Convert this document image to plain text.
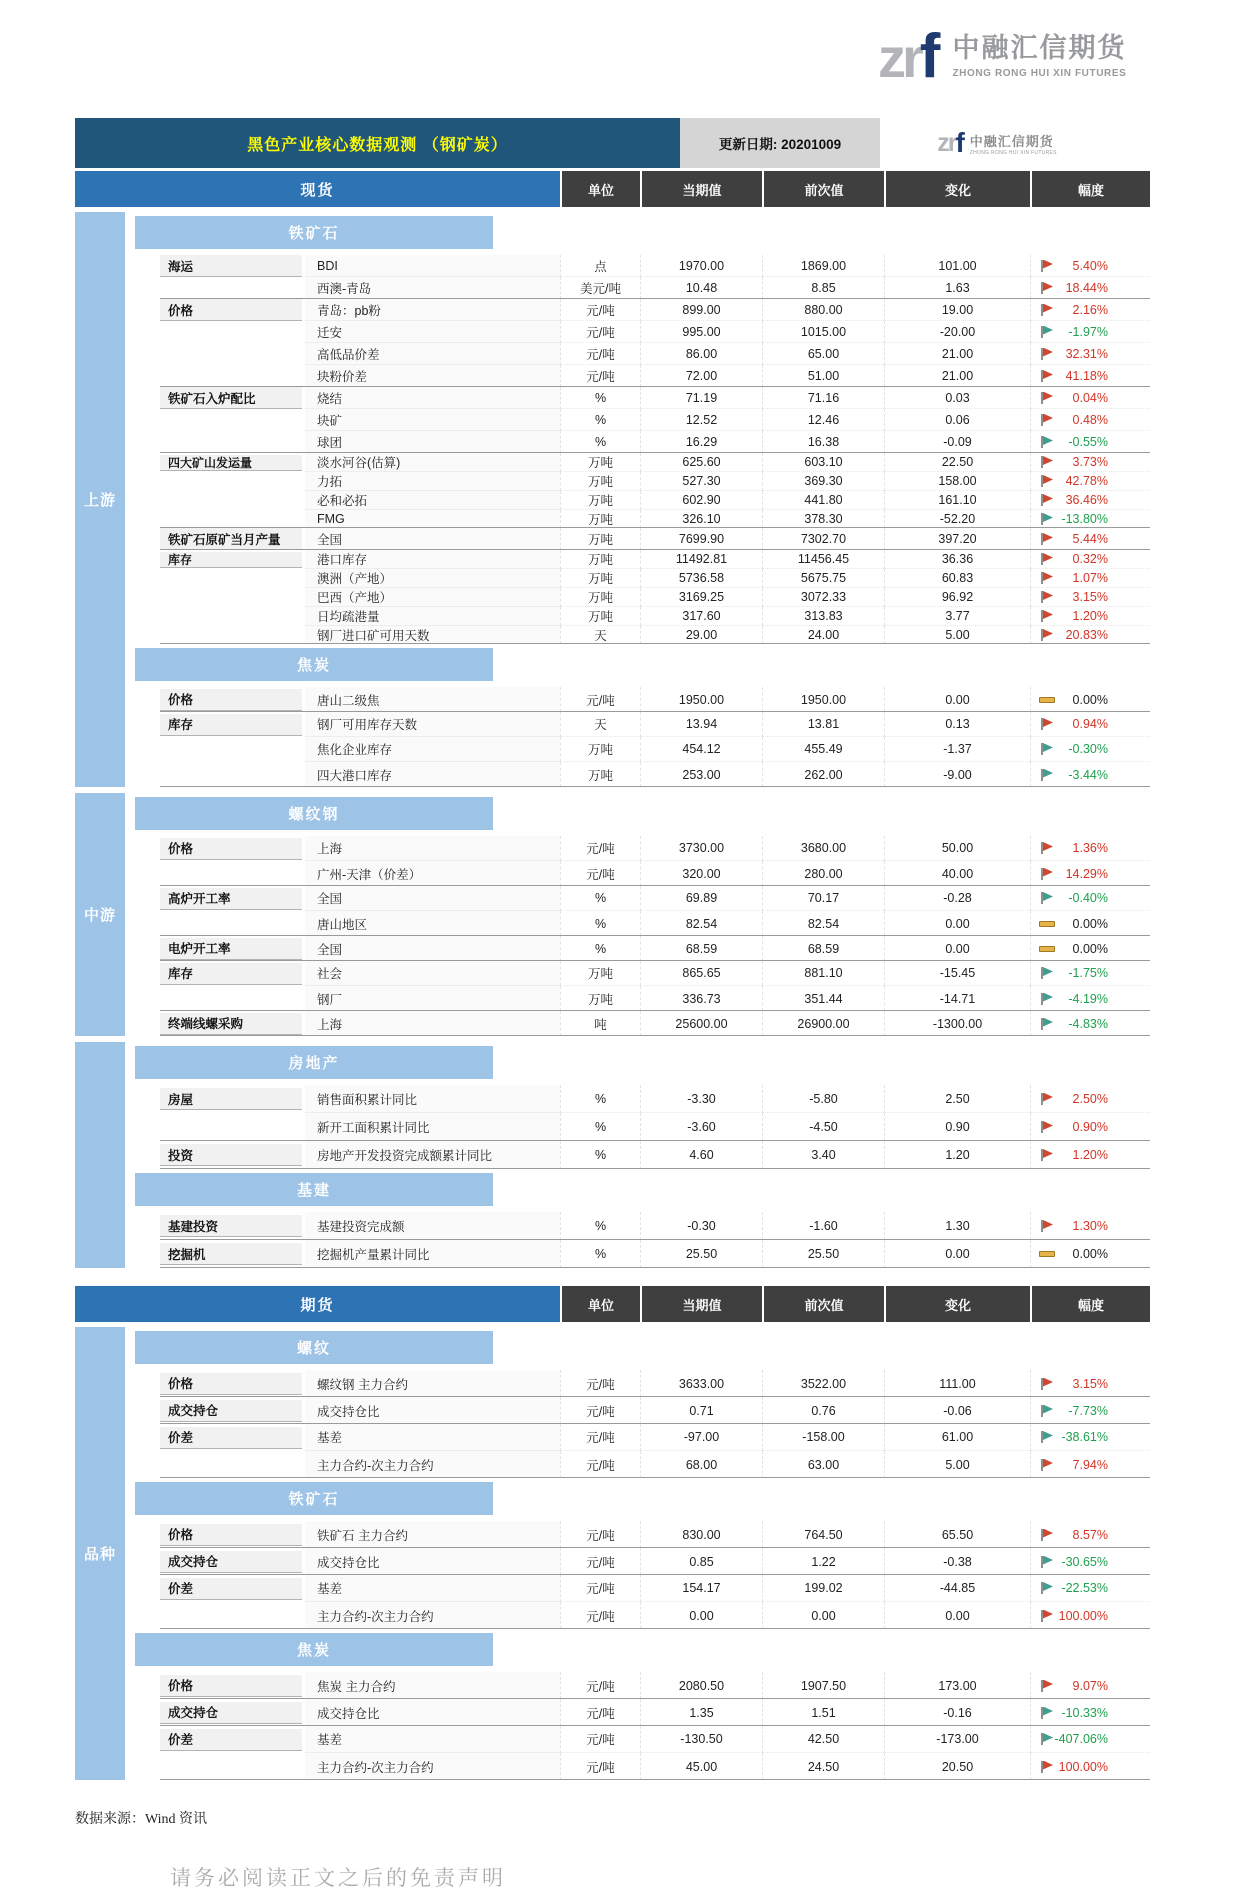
zrf 中融汇信期货
ZHONG RONG HUI XIN FUTURES
黑色产业核心数据观测 （钢矿炭）	更新日期: 20201009	zr f 中融汇信期货
ZHONG RONG HUI XIN FUTURES
现货	单位	当期值	前次值	变化	幅度
上游
铁矿石
海运	BDI	点	1970.00	1869.00	101.00	5.40%
西澳-青岛	美元/吨	10.48	8.85	1.63	18.44%
价格	青岛：pb粉	元/吨	899.00	880.00	19.00	2.16%
迁安	元/吨	995.00	1015.00	-20.00	-1.97%
高低品价差	元/吨	86.00	65.00	21.00	32.31%
块粉价差	元/吨	72.00	51.00	21.00	41.18%
铁矿石入炉配比	烧结	%	71.19	71.16	0.03	0.04%
块矿	%	12.52	12.46	0.06	0.48%
球团	%	16.29	16.38	-0.09	-0.55%
四大矿山发运量	淡水河谷(估算)	万吨	625.60	603.10	22.50	3.73%
力拓	万吨	527.30	369.30	158.00	42.78%
必和必拓	万吨	602.90	441.80	161.10	36.46%
FMG	万吨	326.10	378.30	-52.20	-13.80%
铁矿石原矿当月产量	全国	万吨	7699.90	7302.70	397.20	5.44%
库存	港口库存	万吨	11492.81	11456.45	36.36	0.32%
澳洲（产地）	万吨	5736.58	5675.75	60.83	1.07%
巴西（产地）	万吨	3169.25	3072.33	96.92	3.15%
日均疏港量	万吨	317.60	313.83	3.77	1.20%
钢厂进口矿可用天数	天	29.00	24.00	5.00	20.83%
焦炭
价格	唐山二级焦	元/吨	1950.00	1950.00	0.00	0.00%
库存	钢厂可用库存天数	天	13.94	13.81	0.13	0.94%
焦化企业库存	万吨	454.12	455.49	-1.37	-0.30%
四大港口库存	万吨	253.00	262.00	-9.00	-3.44%
中游
螺纹钢
价格	上海	元/吨	3730.00	3680.00	50.00	1.36%
广州-天津（价差）	元/吨	320.00	280.00	40.00	14.29%
高炉开工率	全国	%	69.89	70.17	-0.28	-0.40%
唐山地区	%	82.54	82.54	0.00	0.00%
电炉开工率	全国	%	68.59	68.59	0.00	0.00%
库存	社会	万吨	865.65	881.10	-15.45	-1.75%
钢厂	万吨	336.73	351.44	-14.71	-4.19%
终端线螺采购	上海	吨	25600.00	26900.00	-1300.00	-4.83%
房地产
房屋	销售面积累计同比	%	-3.30	-5.80	2.50	2.50%
新开工面积累计同比	%	-3.60	-4.50	0.90	0.90%
投资	房地产开发投资完成额累计同比	%	4.60	3.40	1.20	1.20%
基建
基建投资	基建投资完成额	%	-0.30	-1.60	1.30	1.30%
挖掘机	挖掘机产量累计同比	%	25.50	25.50	0.00	0.00%
期货	单位	当期值	前次值	变化	幅度
品种
螺纹
价格	螺纹钢 主力合约	元/吨	3633.00	3522.00	111.00	3.15%
成交持仓	成交持仓比	元/吨	0.71	0.76	-0.06	-7.73%
价差	基差	元/吨	-97.00	-158.00	61.00	-38.61%
主力合约-次主力合约	元/吨	68.00	63.00	5.00	7.94%
铁矿石
价格	铁矿石 主力合约	元/吨	830.00	764.50	65.50	8.57%
成交持仓	成交持仓比	元/吨	0.85	1.22	-0.38	-30.65%
价差	基差	元/吨	154.17	199.02	-44.85	-22.53%
主力合约-次主力合约	元/吨	0.00	0.00	0.00	100.00%
焦炭
价格	焦炭 主力合约	元/吨	2080.50	1907.50	173.00	9.07%
成交持仓	成交持仓比	元/吨	1.35	1.51	-0.16	-10.33%
价差	基差	元/吨	-130.50	42.50	-173.00	-407.06%
主力合约-次主力合约	元/吨	45.00	24.50	20.50	100.00%
数据来源：Wind 资讯
请务必阅读正文之后的免责声明
